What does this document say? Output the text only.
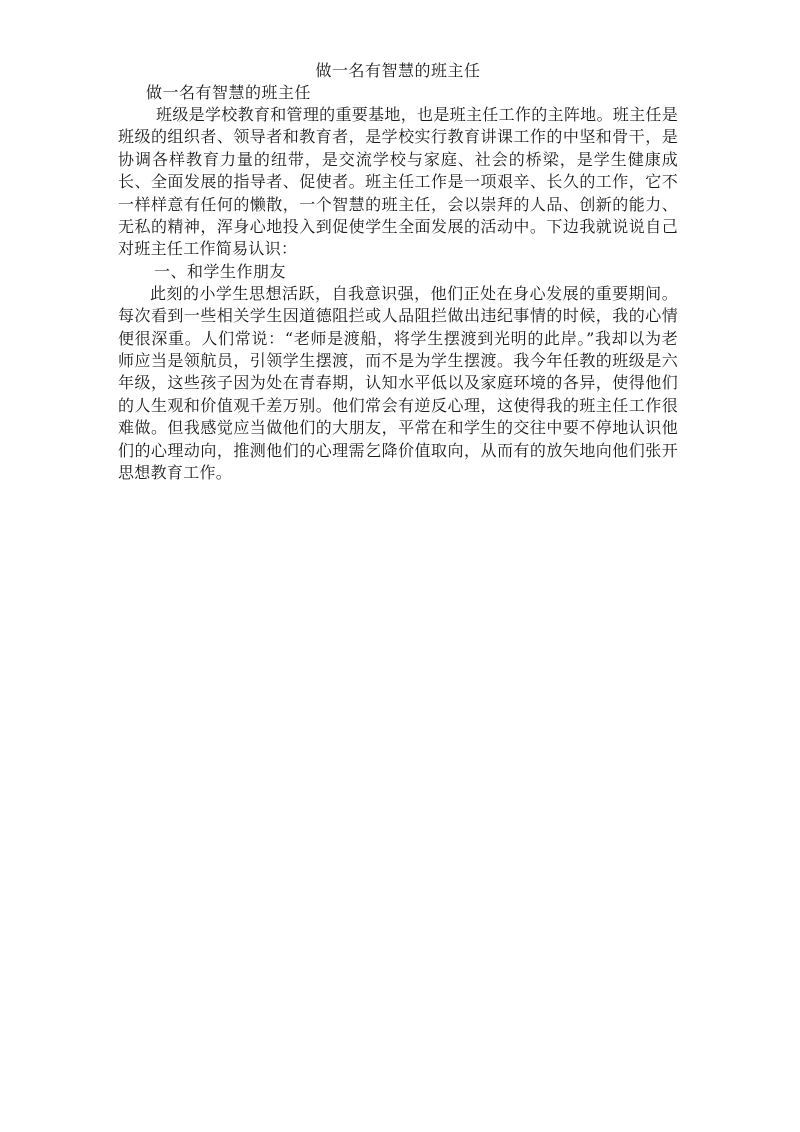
做一名有智慧的班主任
做一名有智慧的班主任

班级是学校教育和管理的重要基地，也是班主任工作的主阵地。班主任是班级的组织者、领导者和教育者，是学校实行教育讲课工作的中坚和骨干，是协调各样教育力量的纽带，是交流学校与家庭、社会的桥梁，是学生健康成长、全面发展的指导者、促使者。班主任工作是一项艰辛、长久的工作，它不一样样意有任何的懒散，一个智慧的班主任，会以崇拜的人品、创新的能力、无私的精神，浑身心地投入到促使学生全面发展的活动中。下边我就说说自己对班主任工作简易认识：

一、和学生作朋友

此刻的小学生思想活跃，自我意识强，他们正处在身心发展的重要期间。每次看到一些相关学生因道德阻拦或人品阻拦做出违纪事情的时候，我的心情便很深重。人们常说：“老师是渡船，将学生摆渡到光明的此岸。”我却以为老师应当是领航员，引领学生摆渡，而不是为学生摆渡。我今年任教的班级是六年级，这些孩子因为处在青春期，认知水平低以及家庭环境的各异，使得他们的人生观和价值观千差万别。他们常会有逆反心理，这使得我的班主任工作很难做。但我感觉应当做他们的大朋友，平常在和学生的交往中要不停地认识他们的心理动向，推测他们的心理需乞降价值取向，从而有的放矢地向他们张开思想教育工作。
